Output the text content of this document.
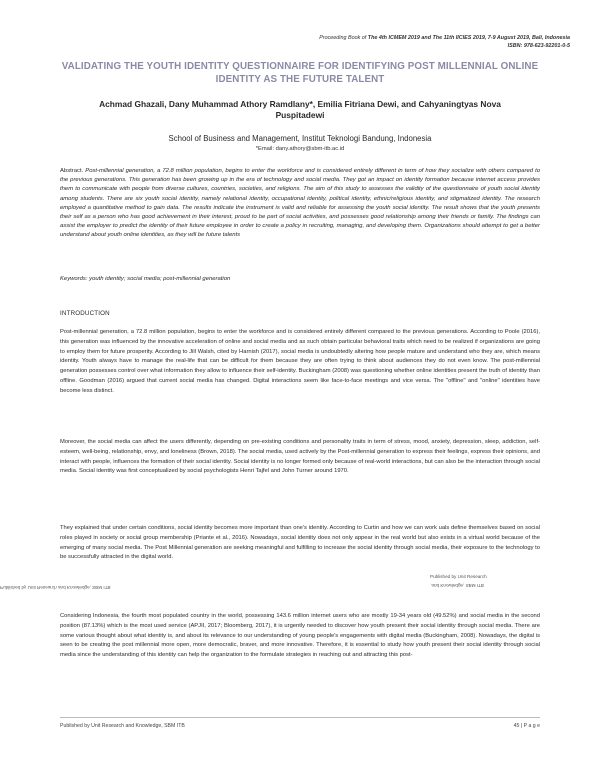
Proceeding Book of The 4th ICMEM 2019 and The 11th IICIES 2019, 7-9 August 2019, Bali, Indonesia
ISBN: 978-623-92201-0-5
VALIDATING THE YOUTH IDENTITY QUESTIONNAIRE FOR IDENTIFYING POST MILLENNIAL ONLINE IDENTITY AS THE FUTURE TALENT
Achmad Ghazali, Dany Muhammad Athory Ramdlany*, Emilia Fitriana Dewi, and Cahyaningtyas Nova Puspitadewi
School of Business and Management, Institut Teknologi Bandung, Indonesia
*Email: dany.athory@sbm-itb.ac.id
Abstract. Post-millennial generation, a 72.8 million population, begins to enter the workforce and is considered entirely different in term of how they socialize with others compared to the previous generations. This generation has been growing up in the era of technology and social media. They got an impact on identity formation because internet access provides them to communicate with people from diverse cultures, countries, societies, and religions. The aim of this study to assesses the validity of the questionnaire of youth social identity among students. There are six youth social identity, namely relational identity, occupational identity, political identity, ethnic/religious identity, and stigmatized identity. The research employed a quantitative method to gain data. The results indicate the instrument is valid and reliable for assessing the youth social identity. The result shows that the youth presents their self as a person who has good achievement in their interest, proud to be part of social activities, and possesses good relationship among their friends or family. The findings can assist the employer to predict the identity of their future employee in order to create a policy in recruiting, managing, and developing them. Organizations should attempt to get a better understand about youth online identities, as they will be future talents
Keywords: youth identity; social media; post-millennial generation
INTRODUCTION
Post-millennial generation, a 72.8 million population, begins to enter the workforce and is considered entirely different compared to the previous generations. According to Poole (2016), this generation was influenced by the innovative acceleration of online and social media and as such obtain particular behavioral traits which need to be realized if organizations are going to employ them for future prosperity. According to Jill Walsh, cited by Harnish (2017), social media is undoubtedly altering how people mature and understand who they are, which means identity. Youth always have to manage the real-life that can be difficult for them because they are often trying to think about audiences they do not even know. The post-millennial generation possesses control over what information they allow to influence their self-identity. Buckingham (2008) was questioning whether online identities present the truth of identity than offline. Goodman (2016) argued that current social media has changed. Digital interactions seem like face-to-face meetings and vice versa. The "offline" and "online" identities have become less distinct.
Moreover, the social media can affect the users differently, depending on pre-existing conditions and personality traits in term of stress, mood, anxiety, depression, sleep, addiction, self-esteem, well-being, relationship, envy, and loneliness (Brown, 2018). The social media, used actively by the Post-millennial generation to express their feelings, express their opinions, and interact with people, influences the formation of their social identity. Social identity is no longer formed only because of real-world interactions, but can also be the interaction through social media. Social identity was first conceptualized by social psychologists Henri Tajfel and John Turner around 1970.
They explained that under certain conditions, social identity becomes more important than one's identity. According to Curtin and how we can work uals define themselves based on social roles played in society or social group membership (Priante et al., 2016). Nowadays, social identity does not only appear in the real world but also exists in a virtual world because of the emerging of many social media. The Post Millennial generation are seeking meaningful and fulfilling to increase the social identity through social media, their exposure to the technology to be successfully attracted in the digital world.
Considering Indonesia, the fourth most populated country in the world, possessing 143.6 million internet users who are mostly 19-34 years old (49.52%) and social media in the second position (87.13%) which is the most used service (APJII, 2017; Bloomberg, 2017), it is urgently needed to discover how youth present their social identity through social media. There are some various thought about what identity is, and about its relevance to our understanding of young people's engagements with digital media (Buckingham, 2008). Nowadays, the digital is seen to be creating the post millennial more open, more democratic, braver, and more innovative. Therefore, it is essential to study how youth present their social identity through social media since the understanding of this identity can help the organization to the formulate strategies in reaching out and attracting this post-
Published by Unit Research and Knowledge, SBM ITB
Published by Unit Research
and Knowledge, SBM ITB
Published by Unit Research and Knowledge, SBM ITB	45 | P a g e
